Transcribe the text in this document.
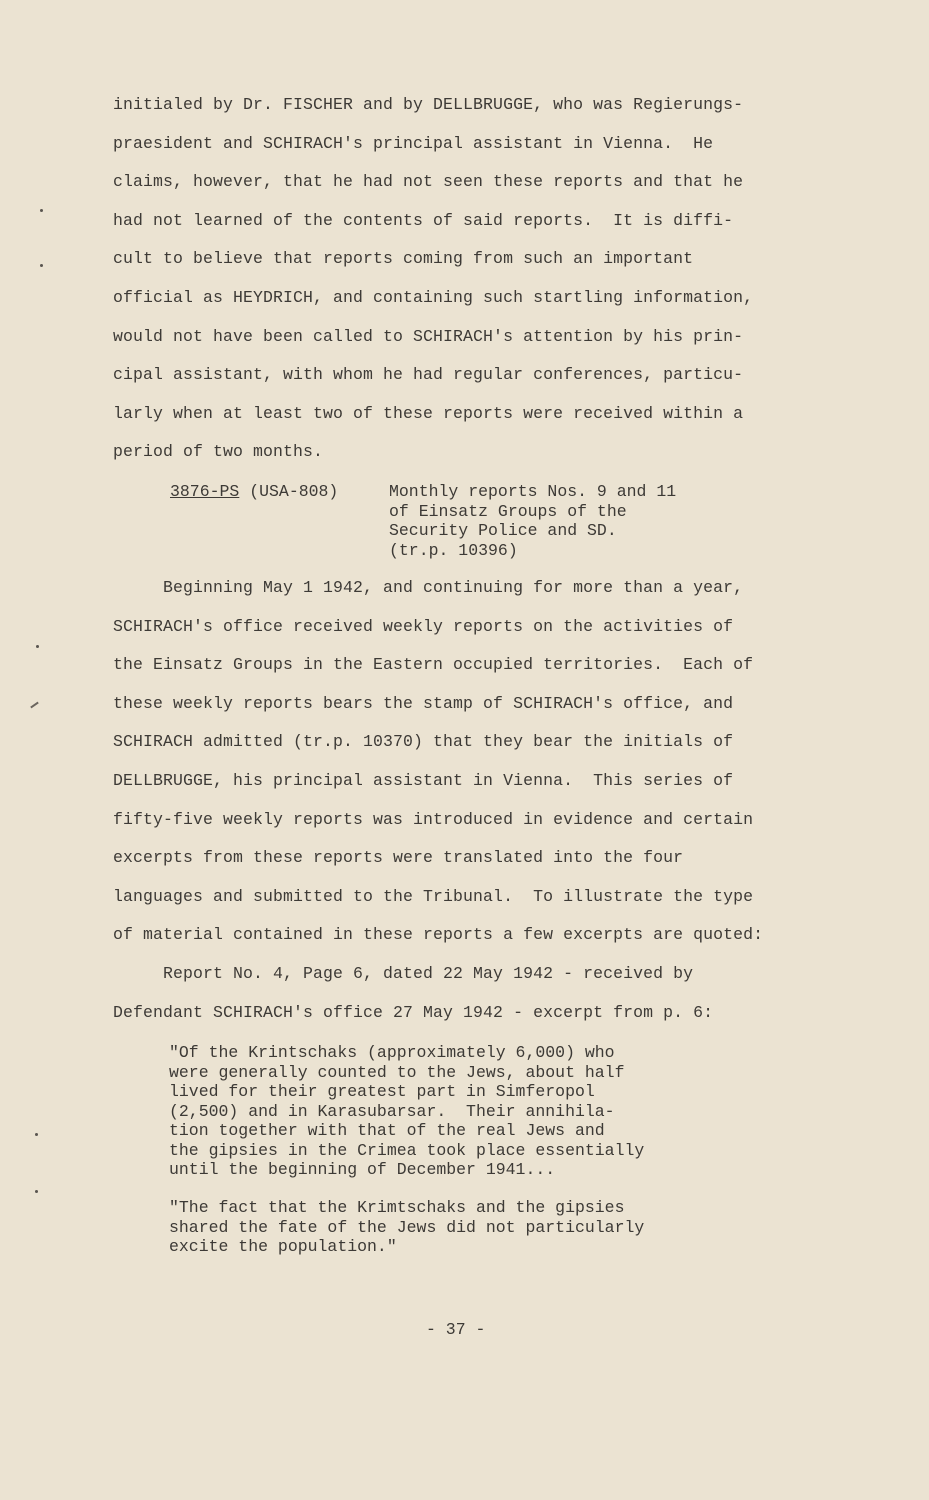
initialed by Dr. FISCHER and by DELLBRUGGE, who was Regierungs-
praesident and SCHIRACH's principal assistant in Vienna.  He
claims, however, that he had not seen these reports and that he
had not learned of the contents of said reports.  It is diffi-
cult to believe that reports coming from such an important
official as HEYDRICH, and containing such startling information,
would not have been called to SCHIRACH's attention by his prin-
cipal assistant, with whom he had regular conferences, particu-
larly when at least two of these reports were received within a
period of two months.
3876-PS (USA-808)	Monthly reports Nos. 9 and 11
of Einsatz Groups of the
Security Police and SD.
(tr.p. 10396)
Beginning May 1 1942, and continuing for more than a year,
SCHIRACH's office received weekly reports on the activities of
the Einsatz Groups in the Eastern occupied territories.  Each of
these weekly reports bears the stamp of SCHIRACH's office, and
SCHIRACH admitted (tr.p. 10370) that they bear the initials of
DELLBRUGGE, his principal assistant in Vienna.  This series of
fifty-five weekly reports was introduced in evidence and certain
excerpts from these reports were translated into the four
languages and submitted to the Tribunal.  To illustrate the type
of material contained in these reports a few excerpts are quoted:
Report No. 4, Page 6, dated 22 May 1942 - received by
Defendant SCHIRACH's office 27 May 1942 - excerpt from p. 6:
"Of the Krintschaks (approximately 6,000) who
were generally counted to the Jews, about half
lived for their greatest part in Simferopol
(2,500) and in Karasubarsar.  Their annihila-
tion together with that of the real Jews and
the gipsies in the Crimea took place essentially
until the beginning of December 1941...
"The fact that the Krimtschaks and the gipsies
shared the fate of the Jews did not particularly
excite the population."
- 37 -
